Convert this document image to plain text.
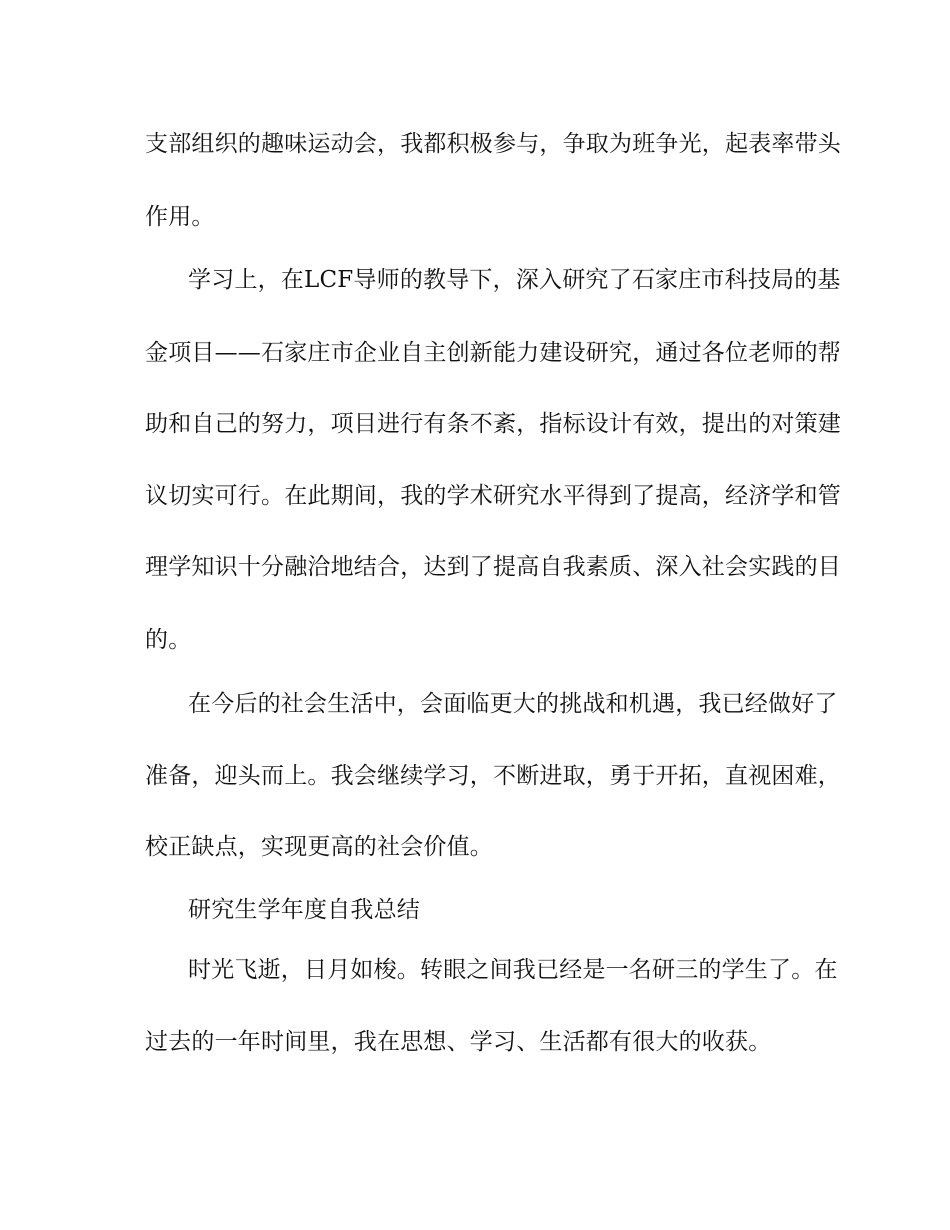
支部组织的趣味运动会，我都积极参与，争取为班争光，起表率带头
作用。
学习上，在LCF导师的教导下，深入研究了石家庄市科技局的基
金项目——石家庄市企业自主创新能力建设研究，通过各位老师的帮
助和自己的努力，项目进行有条不紊，指标设计有效，提出的对策建
议切实可行。在此期间，我的学术研究水平得到了提高，经济学和管
理学知识十分融洽地结合，达到了提高自我素质、深入社会实践的目
的。
在今后的社会生活中，会面临更大的挑战和机遇，我已经做好了
准备，迎头而上。我会继续学习，不断进取，勇于开拓，直视困难，
校正缺点，实现更高的社会价值。
研究生学年度自我总结
时光飞逝，日月如梭。转眼之间我已经是一名研三的学生了。在
过去的一年时间里，我在思想、学习、生活都有很大的收获。
